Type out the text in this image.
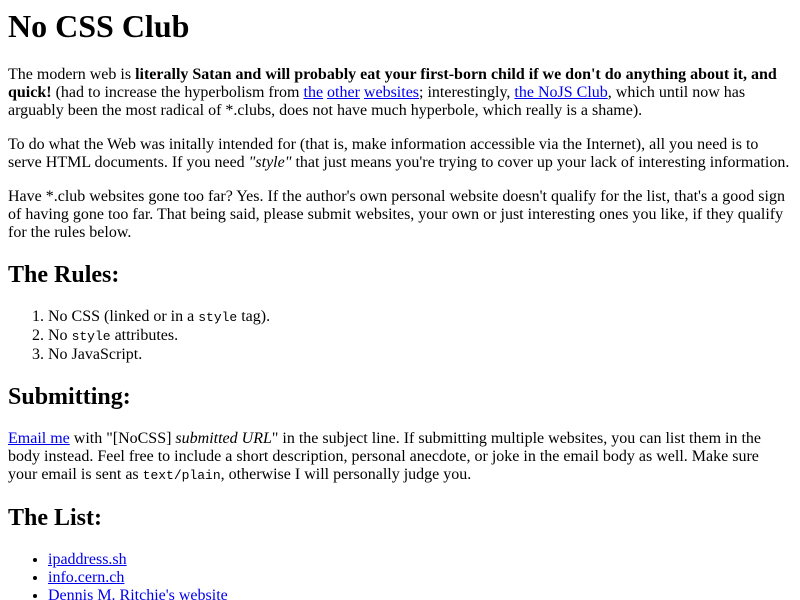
No CSS Club

The modern web is literally Satan and will probably eat your first-born child if we don't do anything about it, and quick! (had to increase the hyperbolism from the other websites; interestingly, the NoJS Club, which until now has arguably been the most radical of *.clubs, does not have much hyperbole, which really is a shame).

To do what the Web was initally intended for (that is, make information accessible via the Internet), all you need is to serve HTML documents. If you need "style" that just means you're trying to cover up your lack of interesting information.

Have *.club websites gone too far? Yes. If the author's own personal website doesn't qualify for the list, that's a good sign of having gone too far. That being said, please submit websites, your own or just interesting ones you like, if they qualify for the rules below.

The Rules:
1. No CSS (linked or in a style tag).
2. No style attributes.
3. No JavaScript.
Submitting:

Email me with "[NoCSS] submitted URL" in the subject line. If submitting multiple websites, you can list them in the body instead. Feel free to include a short description, personal anecdote, or joke in the email body as well. Make sure your email is sent as text/plain, otherwise I will personally judge you.

The List:
• ipaddress.sh
• info.cern.ch
• Dennis M. Ritchie's website
